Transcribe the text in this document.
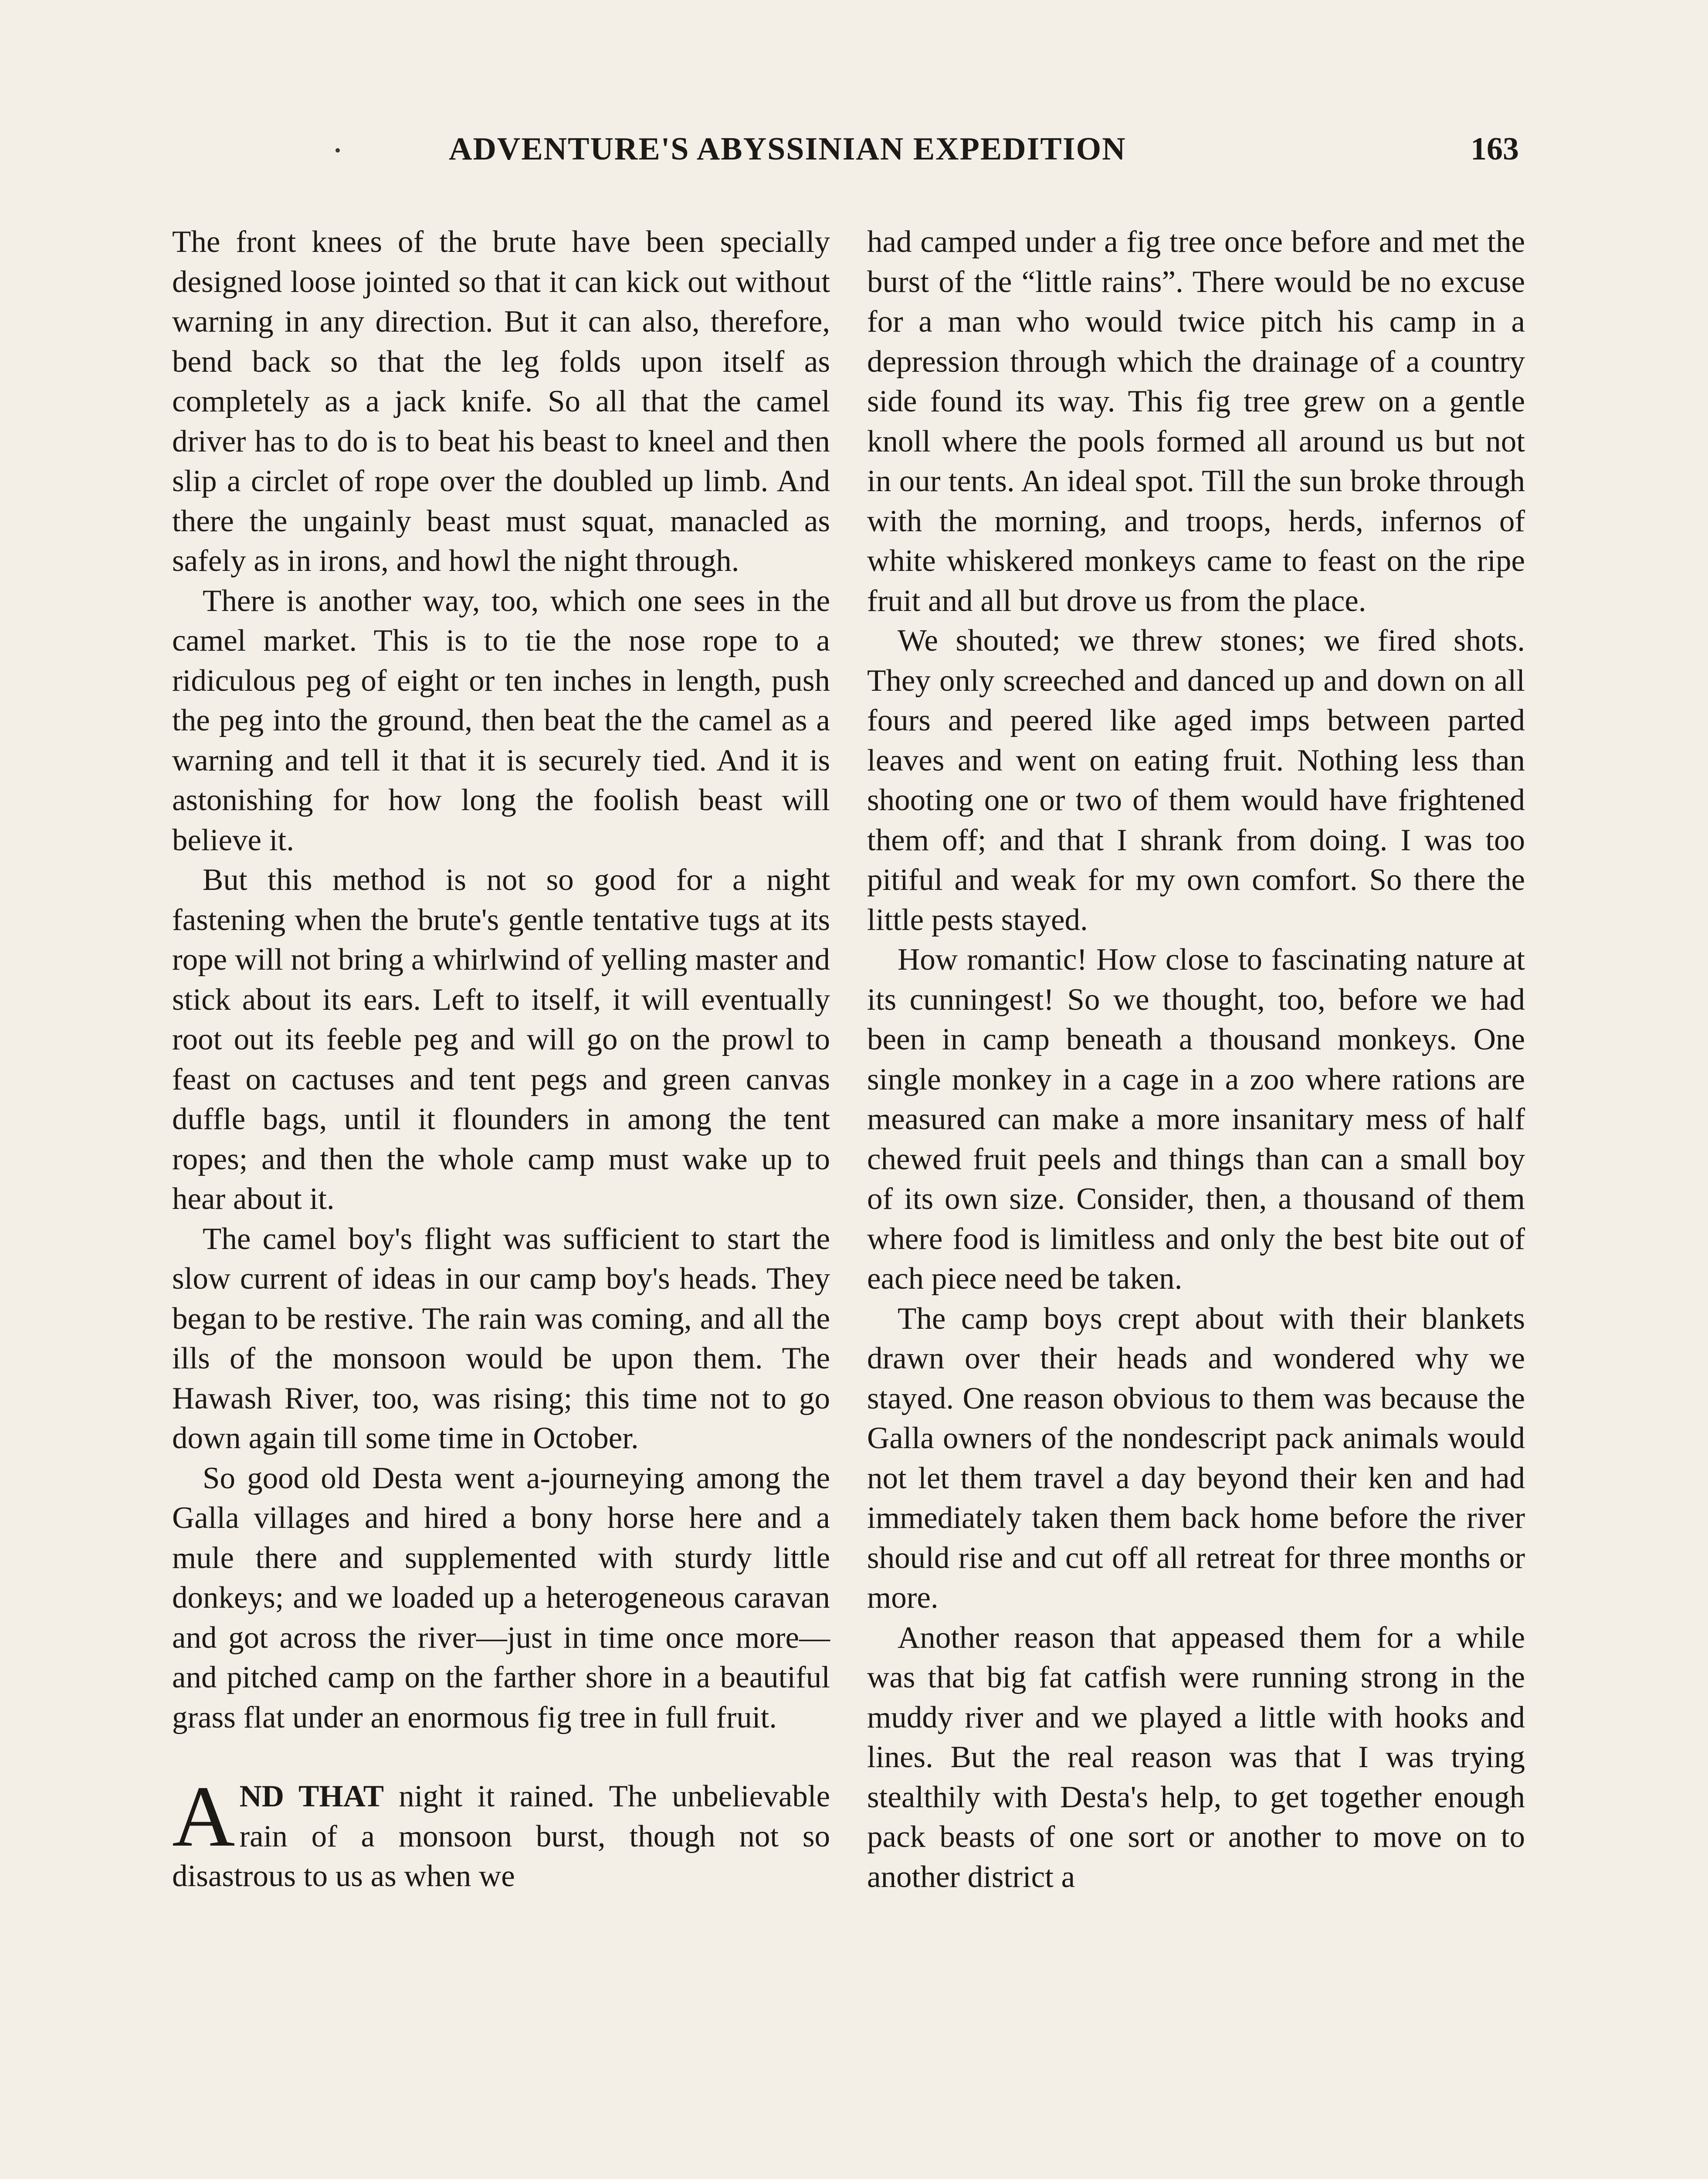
ADVENTURE'S ABYSSINIAN EXPEDITION	163

The front knees of the brute have been specially designed loose jointed so that it can kick out without warning in any direction. But it can also, therefore, bend back so that the leg folds upon itself as completely as a jack knife. So all that the camel driver has to do is to beat his beast to kneel and then slip a circlet of rope over the doubled up limb. And there the ungainly beast must squat, manacled as safely as in irons, and howl the night through.

There is another way, too, which one sees in the camel market. This is to tie the nose rope to a ridiculous peg of eight or ten inches in length, push the peg into the ground, then beat the the camel as a warning and tell it that it is securely tied. And it is astonishing for how long the foolish beast will believe it.

But this method is not so good for a night fastening when the brute's gentle tentative tugs at its rope will not bring a whirlwind of yelling master and stick about its ears. Left to itself, it will eventually root out its feeble peg and will go on the prowl to feast on cactuses and tent pegs and green canvas duffle bags, until it flounders in among the tent ropes; and then the whole camp must wake up to hear about it.

The camel boy's flight was sufficient to start the slow current of ideas in our camp boy's heads. They began to be restive. The rain was coming, and all the ills of the monsoon would be upon them. The Hawash River, too, was rising; this time not to go down again till some time in October.

So good old Desta went a-journeying among the Galla villages and hired a bony horse here and a mule there and supplemented with sturdy little donkeys; and we loaded up a heterogeneous caravan and got across the river—just in time once more—and pitched camp on the farther shore in a beautiful grass flat under an enormous fig tree in full fruit.

AND THAT night it rained. The unbelievable rain of a monsoon burst, though not so disastrous to us as when we

had camped under a fig tree once before and met the burst of the “little rains”. There would be no excuse for a man who would twice pitch his camp in a depression through which the drainage of a country side found its way. This fig tree grew on a gentle knoll where the pools formed all around us but not in our tents. An ideal spot. Till the sun broke through with the morning, and troops, herds, infernos of white whiskered monkeys came to feast on the ripe fruit and all but drove us from the place.

We shouted; we threw stones; we fired shots. They only screeched and danced up and down on all fours and peered like aged imps between parted leaves and went on eating fruit. Nothing less than shooting one or two of them would have frightened them off; and that I shrank from doing. I was too pitiful and weak for my own comfort. So there the little pests stayed.

How romantic! How close to fascinating nature at its cunningest! So we thought, too, before we had been in camp beneath a thousand monkeys. One single monkey in a cage in a zoo where rations are measured can make a more insanitary mess of half chewed fruit peels and things than can a small boy of its own size. Consider, then, a thousand of them where food is limitless and only the best bite out of each piece need be taken.

The camp boys crept about with their blankets drawn over their heads and wondered why we stayed. One reason obvious to them was because the Galla owners of the nondescript pack animals would not let them travel a day beyond their ken and had immediately taken them back home before the river should rise and cut off all retreat for three months or more.

Another reason that appeased them for a while was that big fat catfish were running strong in the muddy river and we played a little with hooks and lines. But the real reason was that I was trying stealthily with Desta's help, to get together enough pack beasts of one sort or another to move on to another district a
